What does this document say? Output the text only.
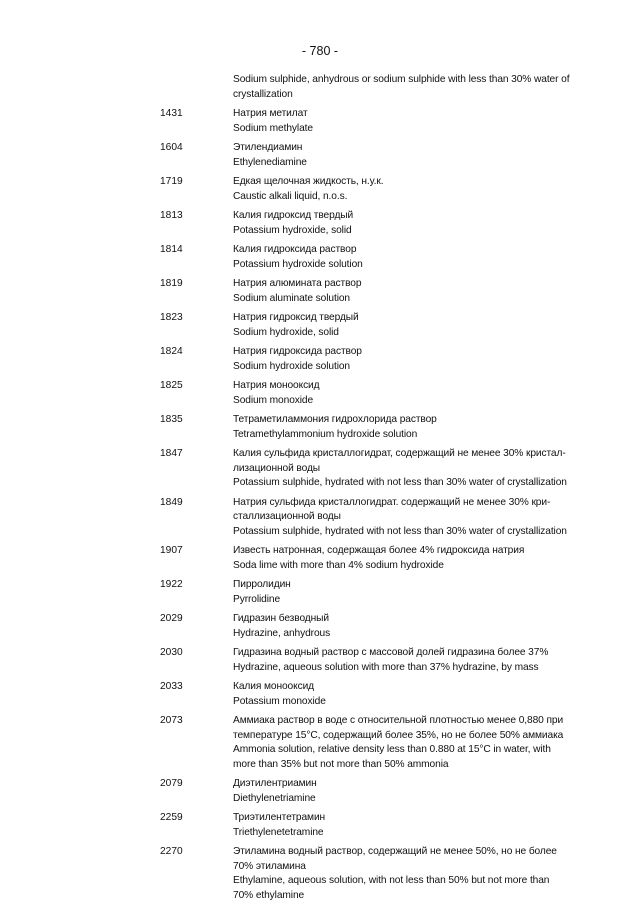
- 780 -
Sodium sulphide, anhydrous or sodium sulphide with less than 30% water of
crystallization
1431	Натрия метилат
Sodium methylate
1604	Этилендиамин
Ethylenediamine
1719	Едкая щелочная жидкость, н.у.к.
Caustic alkali liquid, n.o.s.
1813	Калия гидроксид твердый
Potassium hydroxide, solid
1814	Калия гидроксида раствор
Potassium hydroxide solution
1819	Натрия алюмината раствор
Sodium aluminate solution
1823	Натрия гидроксид твердый
Sodium hydroxide, solid
1824	Натрия гидроксида раствор
Sodium hydroxide solution
1825	Натрия монооксид
Sodium monoxide
1835	Тетраметиламмония гидрохлорида раствор
Tetramethylammonium hydroxide solution
1847	Калия сульфида кристаллогидрат, содержащий не менее 30% кристал-
лизационной воды
Potassium sulphide, hydrated with not less than 30% water of crystallization
1849	Натрия сульфида кристаллогидрат. содержащий не менее 30% кри-
сталлизационной воды
Potassium sulphide, hydrated with not less than 30% water of crystallization
1907	Известь натронная, содержащая более 4% гидроксида натрия
Soda lime with more than 4% sodium hydroxide
1922	Пирролидин
Pyrrolidine
2029	Гидразин безводный
Hydrazine, anhydrous
2030	Гидразина водный раствор с массовой долей гидразина более 37%
Hydrazine, aqueous solution with more than 37% hydrazine, by mass
2033	Калия монооксид
Potassium monoxide
2073	Аммиака раствор в воде с относительной плотностью менее 0,880 при
температуре 15°С, содержащий более 35%, но не более 50% аммиака
Ammonia solution, relative density less than 0.880 at 15°C in water, with
more than 35% but not more than 50% ammonia
2079	Диэтилентриамин
Diethylenetriamine
2259	Триэтилентетрамин
Triethylenetetramine
2270	Этиламина водный раствор, содержащий не менее 50%, но не более
70% этиламина
Ethylamine, aqueous solution, with not less than 50% but not more than
70% ethylamine
